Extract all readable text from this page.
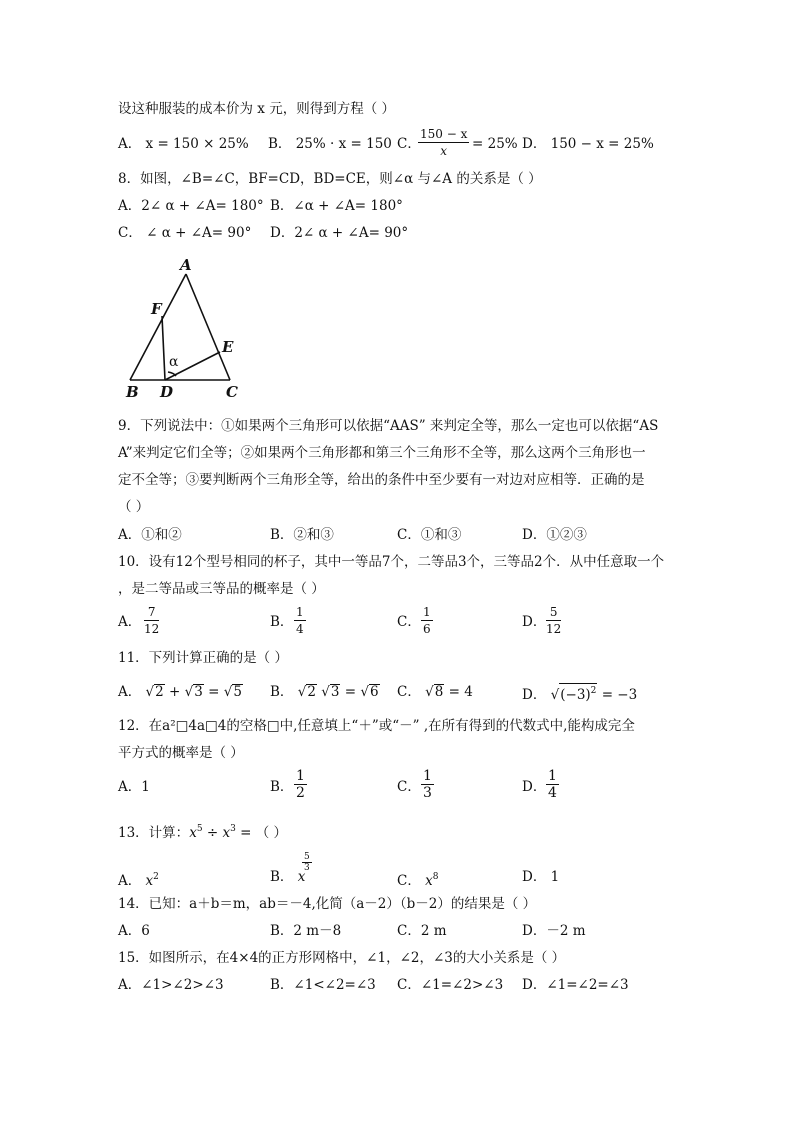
设这种服装的成本价为 x 元，则得到方程（ ）
A． x = 150 × 25% B． 25% · x = 150 C．
$\frac{150 - x}{x} = 25\%$ D． 150 − x = 25%
8．如图，∠B=∠C，BF=CD，BD=CE，则∠α 与∠A 的关系是（ ）
A．2∠ α + ∠A= 180° B．∠α + ∠A= 180°
C． ∠ α + ∠A= 90° D．2∠ α + ∠A= 90°
A
B	C
D
E
F
α
9．下列说法中：①如果两个三角形可以依据“AAS” 来判定全等，那么一定也可以依据“AS
A”来判定它们全等；②如果两个三角形都和第三个三角形不全等，那么这两个三角形也一
定不全等；③要判断两个三角形全等，给出的条件中至少要有一对边对应相等．正确的是
（ ）
A．①和②	B．②和③	C．①和③	D．①②③
10．设有12个型号相同的杯子，其中一等品7个，二等品3个，三等品2个．从中任意取一个
，是二等品或三等品的概率是（ ）
A． $\frac{7}{12}$	B． $\frac{1}{4}$	C． $\frac{1}{6}$	D． $\frac{5}{12}$
11．下列计算正确的是（ ）
A． √2 + √3 = √5 B． √2 √3 = √6 C． √8 = 4	D． $√(-3)^2 = -3$
12．在a²□4a□4的空格□中,任意填上“＋”或“－” ,在所有得到的代数式中,能构成完全
平方式的概率是（ ）
A．1	B． $\frac{1}{2}$	C． $\frac{1}{3}$	D． $\frac{1}{4}$
13．计算：$x^5 \div x^3$ = （ ）
A． $x^2$	B． x
$\frac{5}{3}$
C． $x^8$	D． 1
14．已知：a＋b＝m，ab＝－4,化简（a－2）（b－2）的结果是（ ）
A．6	B．2 m－8	C．2 m	D．－2 m
15．如图所示，在4×4的正方形网格中，∠1，∠2，∠3的大小关系是（ ）
A．∠1>∠2>∠3	B．∠1<∠2=∠3 C．∠1=∠2>∠3 D．∠1=∠2=∠3
